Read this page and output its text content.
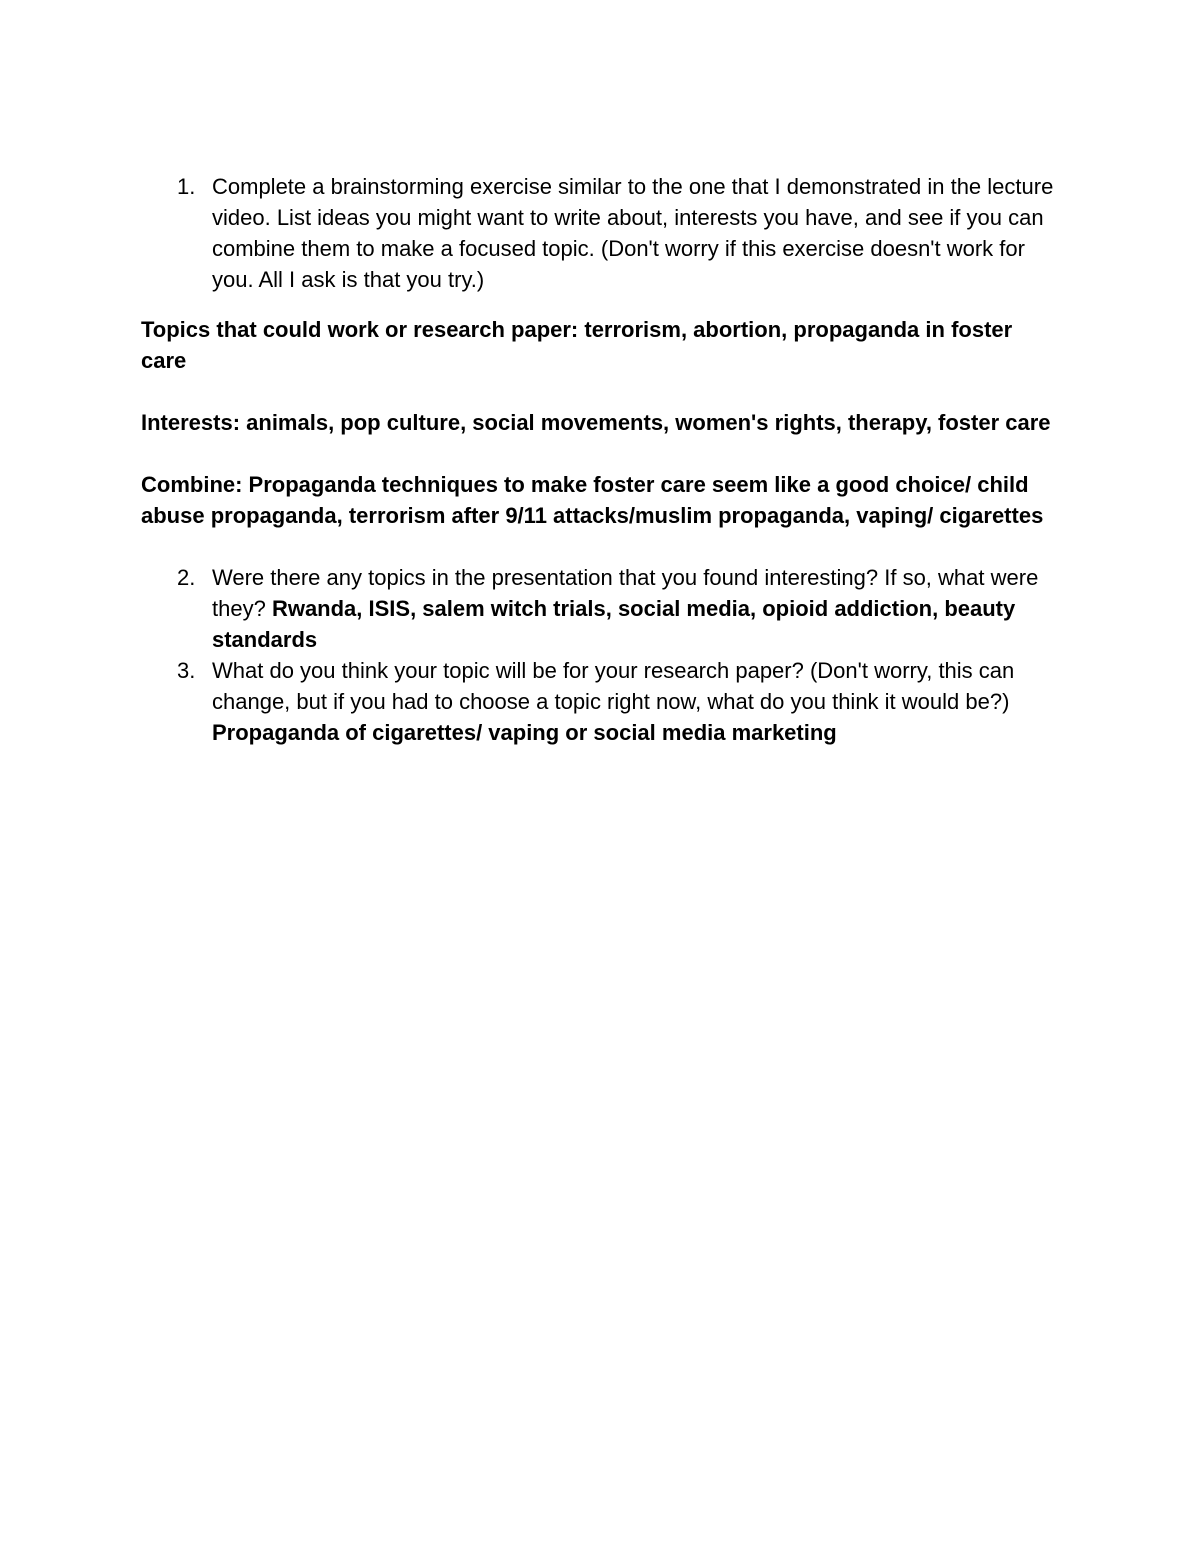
1. Complete a brainstorming exercise similar to the one that I demonstrated in the lecture video. List ideas you might want to write about, interests you have, and see if you can combine them to make a focused topic. (Don't worry if this exercise doesn't work for you. All I ask is that you try.)

Topics that could work or research paper: terrorism, abortion, propaganda in foster care

Interests: animals, pop culture, social movements, women's rights, therapy, foster care

Combine: Propaganda techniques to make foster care seem like a good choice/ child abuse propaganda, terrorism after 9/11 attacks/muslim propaganda, vaping/ cigarettes

2. Were there any topics in the presentation that you found interesting? If so, what were they? Rwanda, ISIS, salem witch trials, social media, opioid addiction, beauty standards
3. What do you think your topic will be for your research paper? (Don't worry, this can change, but if you had to choose a topic right now, what do you think it would be?) Propaganda of cigarettes/ vaping or social media marketing
